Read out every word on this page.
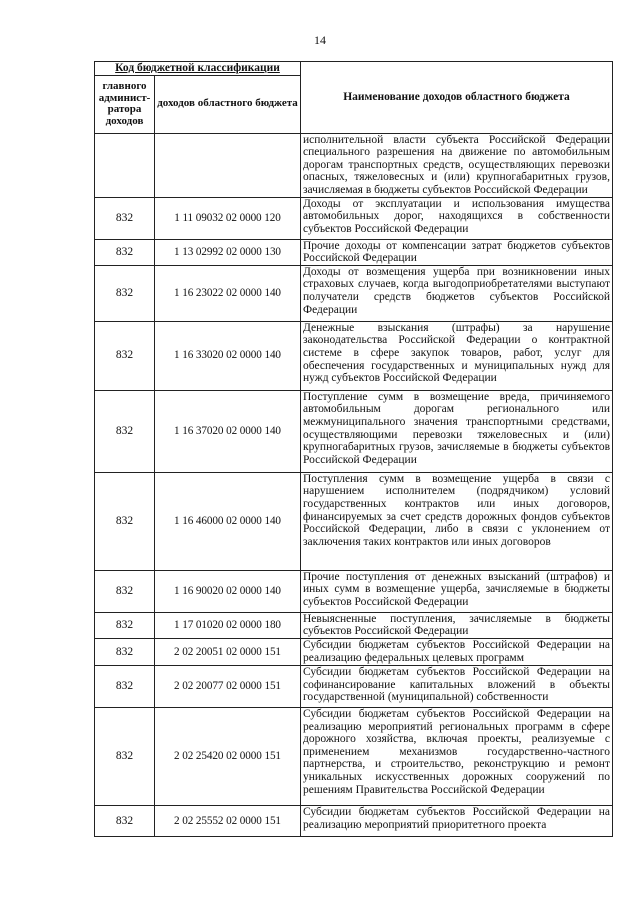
14
Код бюджетной классификации		Наименование доходов областного бюджета
главного админист-ратора доходов	доходов областного бюджета	
		исполнительной власти субъекта Российской Федерации специального разрешения на движение по автомобильным дорогам транспортных средств, осуществляющих перевозки опасных, тяжеловесных и (или) крупногабаритных грузов, зачисляемая в бюджеты субъектов Российской Федерации
832	1 11 09032 02 0000 120	Доходы от эксплуатации и использования имущества автомобильных дорог, находящихся в собственности субъектов Российской Федерации
832	1 13 02992 02 0000 130	Прочие доходы от компенсации затрат бюджетов субъектов Российской Федерации
832	1 16 23022 02 0000 140	Доходы от возмещения ущерба при возникновении иных страховых случаев, когда выгодоприобретателями выступают получатели средств бюджетов субъектов Российской Федерации
832	1 16 33020 02 0000 140	Денежные взыскания (штрафы) за нарушение законодательства Российской Федерации о контрактной системе в сфере закупок товаров, работ, услуг для обеспечения государственных и муниципальных нужд для нужд субъектов Российской Федерации
832	1 16 37020 02 0000 140	Поступление сумм в возмещение вреда, причиняемого автомобильным дорогам регионального или межмуниципального значения транспортными средствами, осуществляющими перевозки тяжеловесных и (или) крупногабаритных грузов, зачисляемые в бюджеты субъектов Российской Федерации
832	1 16 46000 02 0000 140	Поступления сумм в возмещение ущерба в связи с нарушением исполнителем (подрядчиком) условий государственных контрактов или иных договоров, финансируемых за счет средств дорожных фондов субъектов Российской Федерации, либо в связи с уклонением от заключения таких контрактов или иных договоров
832	1 16 90020 02 0000 140	Прочие поступления от денежных взысканий (штрафов) и иных сумм в возмещение ущерба, зачисляемые в бюджеты субъектов Российской Федерации
832	1 17 01020 02 0000 180	Невыясненные поступления, зачисляемые в бюджеты субъектов Российской Федерации
832	2 02 20051 02 0000 151	Субсидии бюджетам субъектов Российской Федерации на реализацию федеральных целевых программ
832	2 02 20077 02 0000 151	Субсидии бюджетам субъектов Российской Федерации на софинансирование капитальных вложений в объекты государственной (муниципальной) собственности
832	2 02 25420 02 0000 151	Субсидии бюджетам субъектов Российской Федерации на реализацию мероприятий региональных программ в сфере дорожного хозяйства, включая проекты, реализуемые с применением механизмов государственно-частного партнерства, и строительство, реконструкцию и ремонт уникальных искусственных дорожных сооружений по решениям Правительства Российской Федерации
832	2 02 25552 02 0000 151	Субсидии бюджетам субъектов Российской Федерации на реализацию мероприятий приоритетного проекта
